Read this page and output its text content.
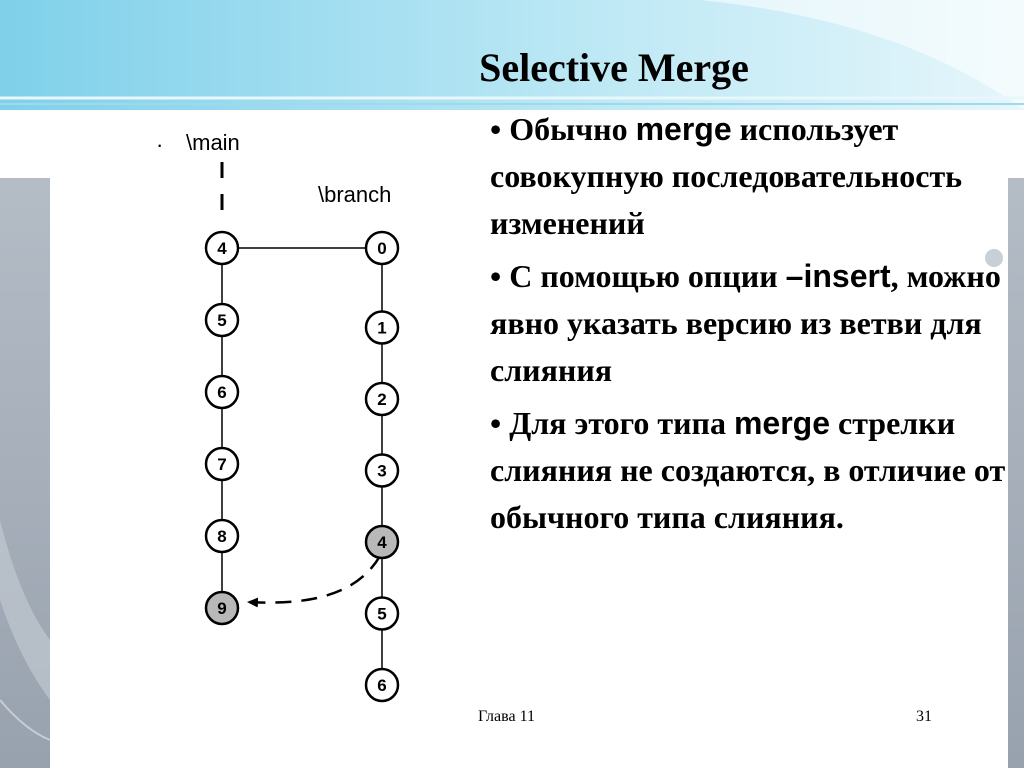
Selective Merge
• Обычно merge использует совокупную последовательность изменений
• С помощью опции –insert, можно явно указать версию из ветви для слияния
• Для этого типа merge стрелки слияния не создаются, в отличие от обычного типа слияния.
· \main
\branch
4
5
6
7
8
9
0
1
2
3
4
5
6
Глава 11	31
